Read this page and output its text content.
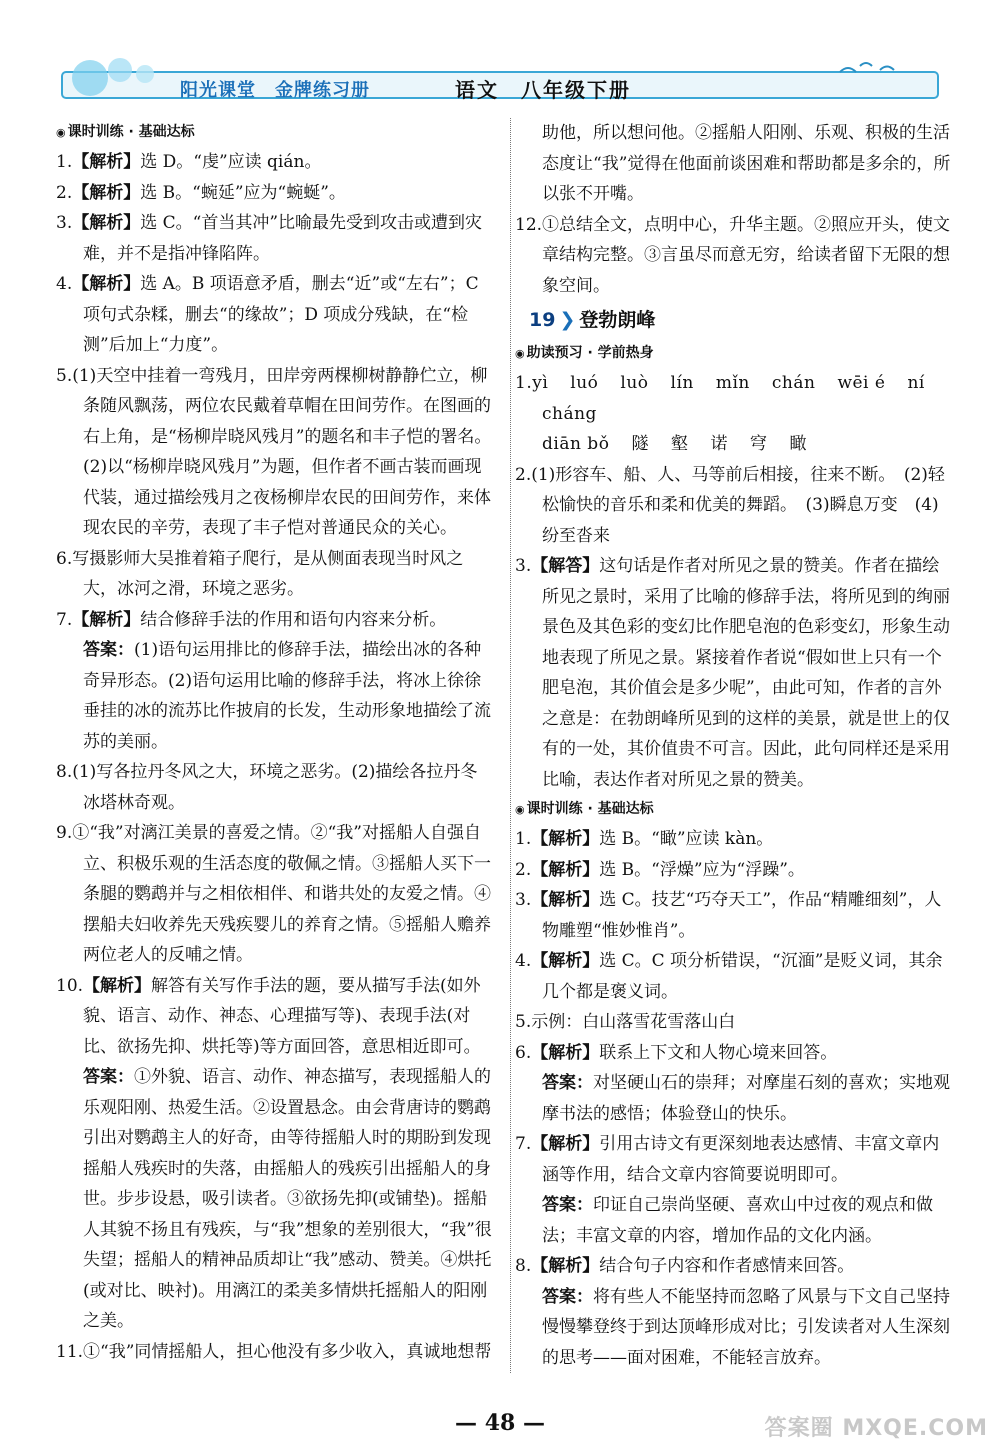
阳光课堂　金牌练习册	语文　八年级下册
◉ 课时训练 · 基础达标
1.【解析】选 D。“虔”应读 qián。
2.【解析】选 B。“蜿延”应为“蜿蜒”。
3.【解析】选 C。“首当其冲”比喻最先受到攻击或遭到灾难，并不是指冲锋陷阵。
4.【解析】选 A。B 项语意矛盾，删去“近”或“左右”；C 项句式杂糅，删去“的缘故”；D 项成分残缺，在“检测”后加上“力度”。
5.(1)天空中挂着一弯残月，田岸旁两棵柳树静静伫立，柳条随风飘荡，两位农民戴着草帽在田间劳作。在图画的右上角，是“杨柳岸晓风残月”的题名和丰子恺的署名。(2)以“杨柳岸晓风残月”为题，但作者不画古装而画现代装，通过描绘残月之夜杨柳岸农民的田间劳作，来体现农民的辛劳，表现了丰子恺对普通民众的关心。
6.写摄影师大吴推着箱子爬行，是从侧面表现当时风之大，冰河之滑，环境之恶劣。
7.【解析】结合修辞手法的作用和语句内容来分析。
答案：(1)语句运用排比的修辞手法，描绘出冰的各种奇异形态。(2)语句运用比喻的修辞手法，将冰上徐徐垂挂的冰的流苏比作披肩的长发，生动形象地描绘了流苏的美丽。
8.(1)写各拉丹冬风之大，环境之恶劣。(2)描绘各拉丹冬冰塔林奇观。
9.①“我”对漓江美景的喜爱之情。②“我”对摇船人自强自立、积极乐观的生活态度的敬佩之情。③摇船人买下一条腿的鹦鹉并与之相依相伴、和谐共处的友爱之情。④摆船夫妇收养先天残疾婴儿的养育之情。⑤摇船人赡养两位老人的反哺之情。
10.【解析】解答有关写作手法的题，要从描写手法(如外貌、语言、动作、神态、心理描写等)、表现手法(对比、欲扬先抑、烘托等)等方面回答，意思相近即可。
答案：①外貌、语言、动作、神态描写，表现摇船人的乐观阳刚、热爱生活。②设置悬念。由会背唐诗的鹦鹉引出对鹦鹉主人的好奇，由等待摇船人时的期盼到发现摇船人残疾时的失落，由摇船人的残疾引出摇船人的身世。步步设悬，吸引读者。③欲扬先抑(或铺垫)。摇船人其貌不扬且有残疾，与“我”想象的差别很大，“我”很失望；摇船人的精神品质却让“我”感动、赞美。④烘托(或对比、映衬)。用漓江的柔美多情烘托摇船人的阳刚之美。
11.①“我”同情摇船人，担心他没有多少收入，真诚地想帮
助他，所以想问他。②摇船人阳刚、乐观、积极的生活态度让“我”觉得在他面前谈困难和帮助都是多余的，所以张不开嘴。
12.①总结全文，点明中心，升华主题。②照应开头，使文章结构完整。③言虽尽而意无穷，给读者留下无限的想象空间。
19 ❯ 登勃朗峰
◉ 助读预习 · 学前热身
1.yì luó luò lín mǐn chán wēi é ní cháng
diān bǒ 隧 壑 诺 穹 瞰
2.(1)形容车、船、人、马等前后相接，往来不断。　(2)轻松愉快的音乐和柔和优美的舞蹈。　(3)瞬息万变　(4)纷至沓来
3.【解答】这句话是作者对所见之景的赞美。作者在描绘所见之景时，采用了比喻的修辞手法，将所见到的绚丽景色及其色彩的变幻比作肥皂泡的色彩变幻，形象生动地表现了所见之景。紧接着作者说“假如世上只有一个肥皂泡，其价值会是多少呢”，由此可知，作者的言外之意是：在勃朗峰所见到的这样的美景，就是世上的仅有的一处，其价值贵不可言。因此，此句同样还是采用比喻，表达作者对所见之景的赞美。
◉ 课时训练 · 基础达标
1.【解析】选 B。“瞰”应读 kàn。
2.【解析】选 B。“浮燥”应为“浮躁”。
3.【解析】选 C。技艺“巧夺天工”，作品“精雕细刻”，人物雕塑“惟妙惟肖”。
4.【解析】选 C。C 项分析错误，“沉湎”是贬义词，其余几个都是褒义词。
5.示例：白山落雪花雪落山白
6.【解析】联系上下文和人物心境来回答。
答案：对坚硬山石的崇拜；对摩崖石刻的喜欢；实地观摩书法的感悟；体验登山的快乐。
7.【解析】引用古诗文有更深刻地表达感情、丰富文章内涵等作用，结合文章内容简要说明即可。
答案：印证自己崇尚坚硬、喜欢山中过夜的观点和做法；丰富文章的内容，增加作品的文化内涵。
8.【解析】结合句子内容和作者感情来回答。
答案：将有些人不能坚持而忽略了风景与下文自己坚持慢慢攀登终于到达顶峰形成对比；引发读者对人生深刻的思考——面对困难，不能轻言放弃。
— 48 —	答案圈 MXQE.COM
